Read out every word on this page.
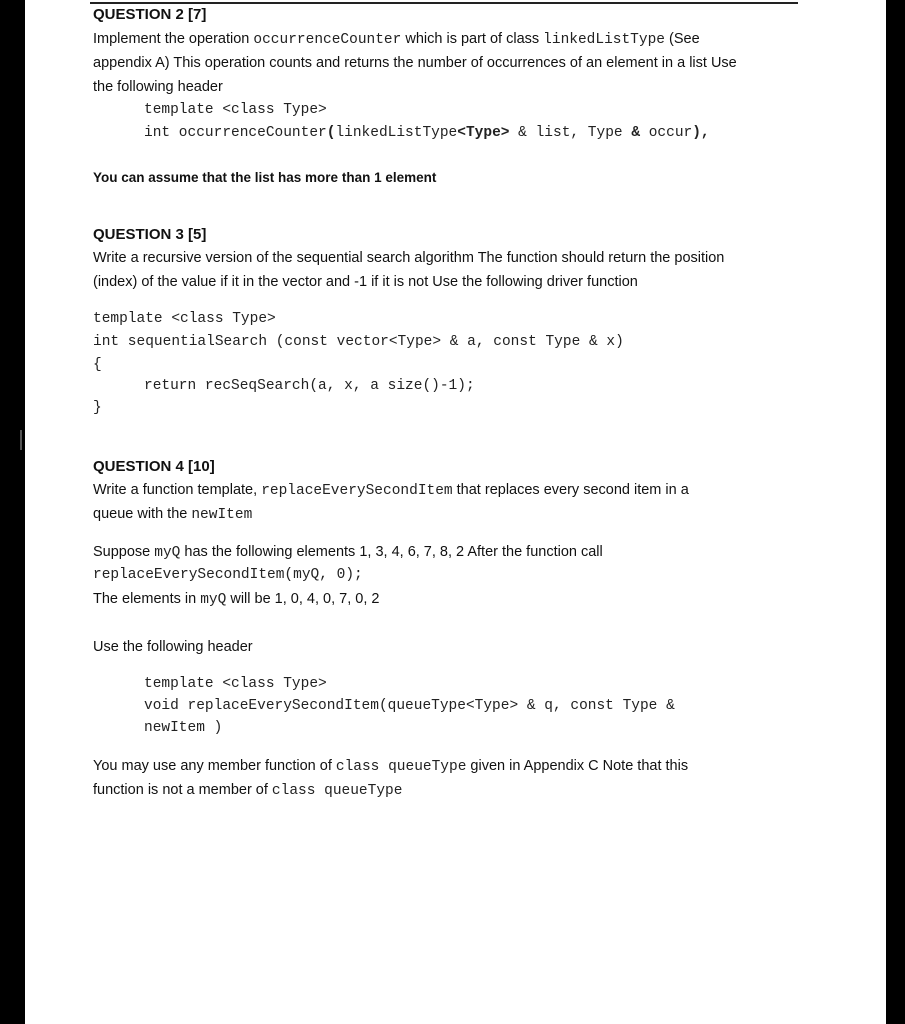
QUESTION 2 [7]
Implement the operation occurrenceCounter which is part of class linkedListType (See
appendix A) This operation counts and returns the number of occurrences of an element in a list Use
the following header
template <class Type>
int occurrenceCounter(linkedListType<Type> & list, Type & occur),
You can assume that the list has more than 1 element
QUESTION 3 [5]
Write a recursive version of the sequential search algorithm The function should return the position
(index) of the value if it in the vector and -1 if it is not Use the following driver function
template <class Type>
int sequentialSearch (const vector<Type> & a, const Type & x)
{
return recSeqSearch(a, x, a size()-1);
}
QUESTION 4 [10]
Write a function template, replaceEverySecondItem that replaces every second item in a
queue with the newItem
Suppose myQ has the following elements 1, 3, 4, 6, 7, 8, 2 After the function call
replaceEverySecondItem(myQ, 0);
The elements in myQ will be 1, 0, 4, 0, 7, 0, 2
Use the following header
template <class Type>
void replaceEverySecondItem(queueType<Type> & q, const Type &
newItem )
You may use any member function of class queueType given in Appendix C Note that this
function is not a member of class queueType
